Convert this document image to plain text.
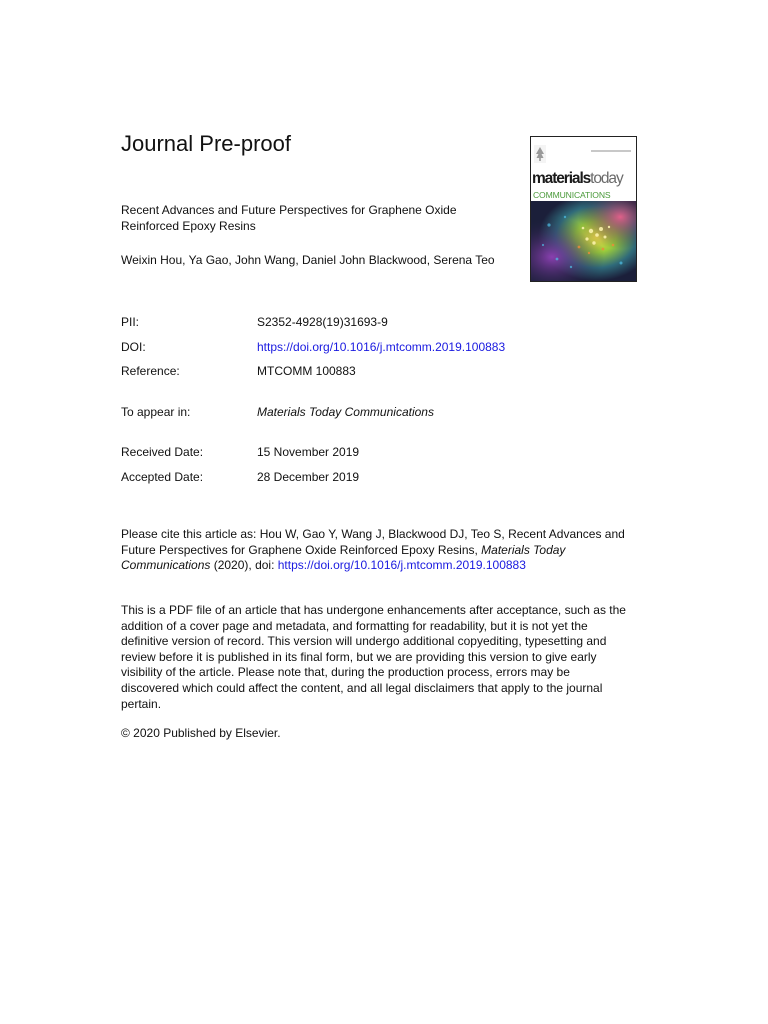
Journal Pre-proof

Recent Advances and Future Perspectives for Graphene Oxide Reinforced Epoxy Resins

Weixin Hou, Ya Gao, John Wang, Daniel John Blackwood, Serena Teo

materialstoday
COMMUNICATIONS
PII:	S2352-4928(19)31693-9
DOI:	https://doi.org/10.1016/j.mtcomm.2019.100883
Reference:	MTCOMM 100883
To appear in:	Materials Today Communications
Received Date:	15 November 2019
Accepted Date:	28 December 2019

Please cite this article as: Hou W, Gao Y, Wang J, Blackwood DJ, Teo S, Recent Advances and Future Perspectives for Graphene Oxide Reinforced Epoxy Resins, Materials Today Communications (2020), doi: https://doi.org/10.1016/j.mtcomm.2019.100883

This is a PDF file of an article that has undergone enhancements after acceptance, such as the addition of a cover page and metadata, and formatting for readability, but it is not yet the definitive version of record. This version will undergo additional copyediting, typesetting and review before it is published in its final form, but we are providing this version to give early visibility of the article. Please note that, during the production process, errors may be discovered which could affect the content, and all legal disclaimers that apply to the journal pertain.

© 2020 Published by Elsevier.
